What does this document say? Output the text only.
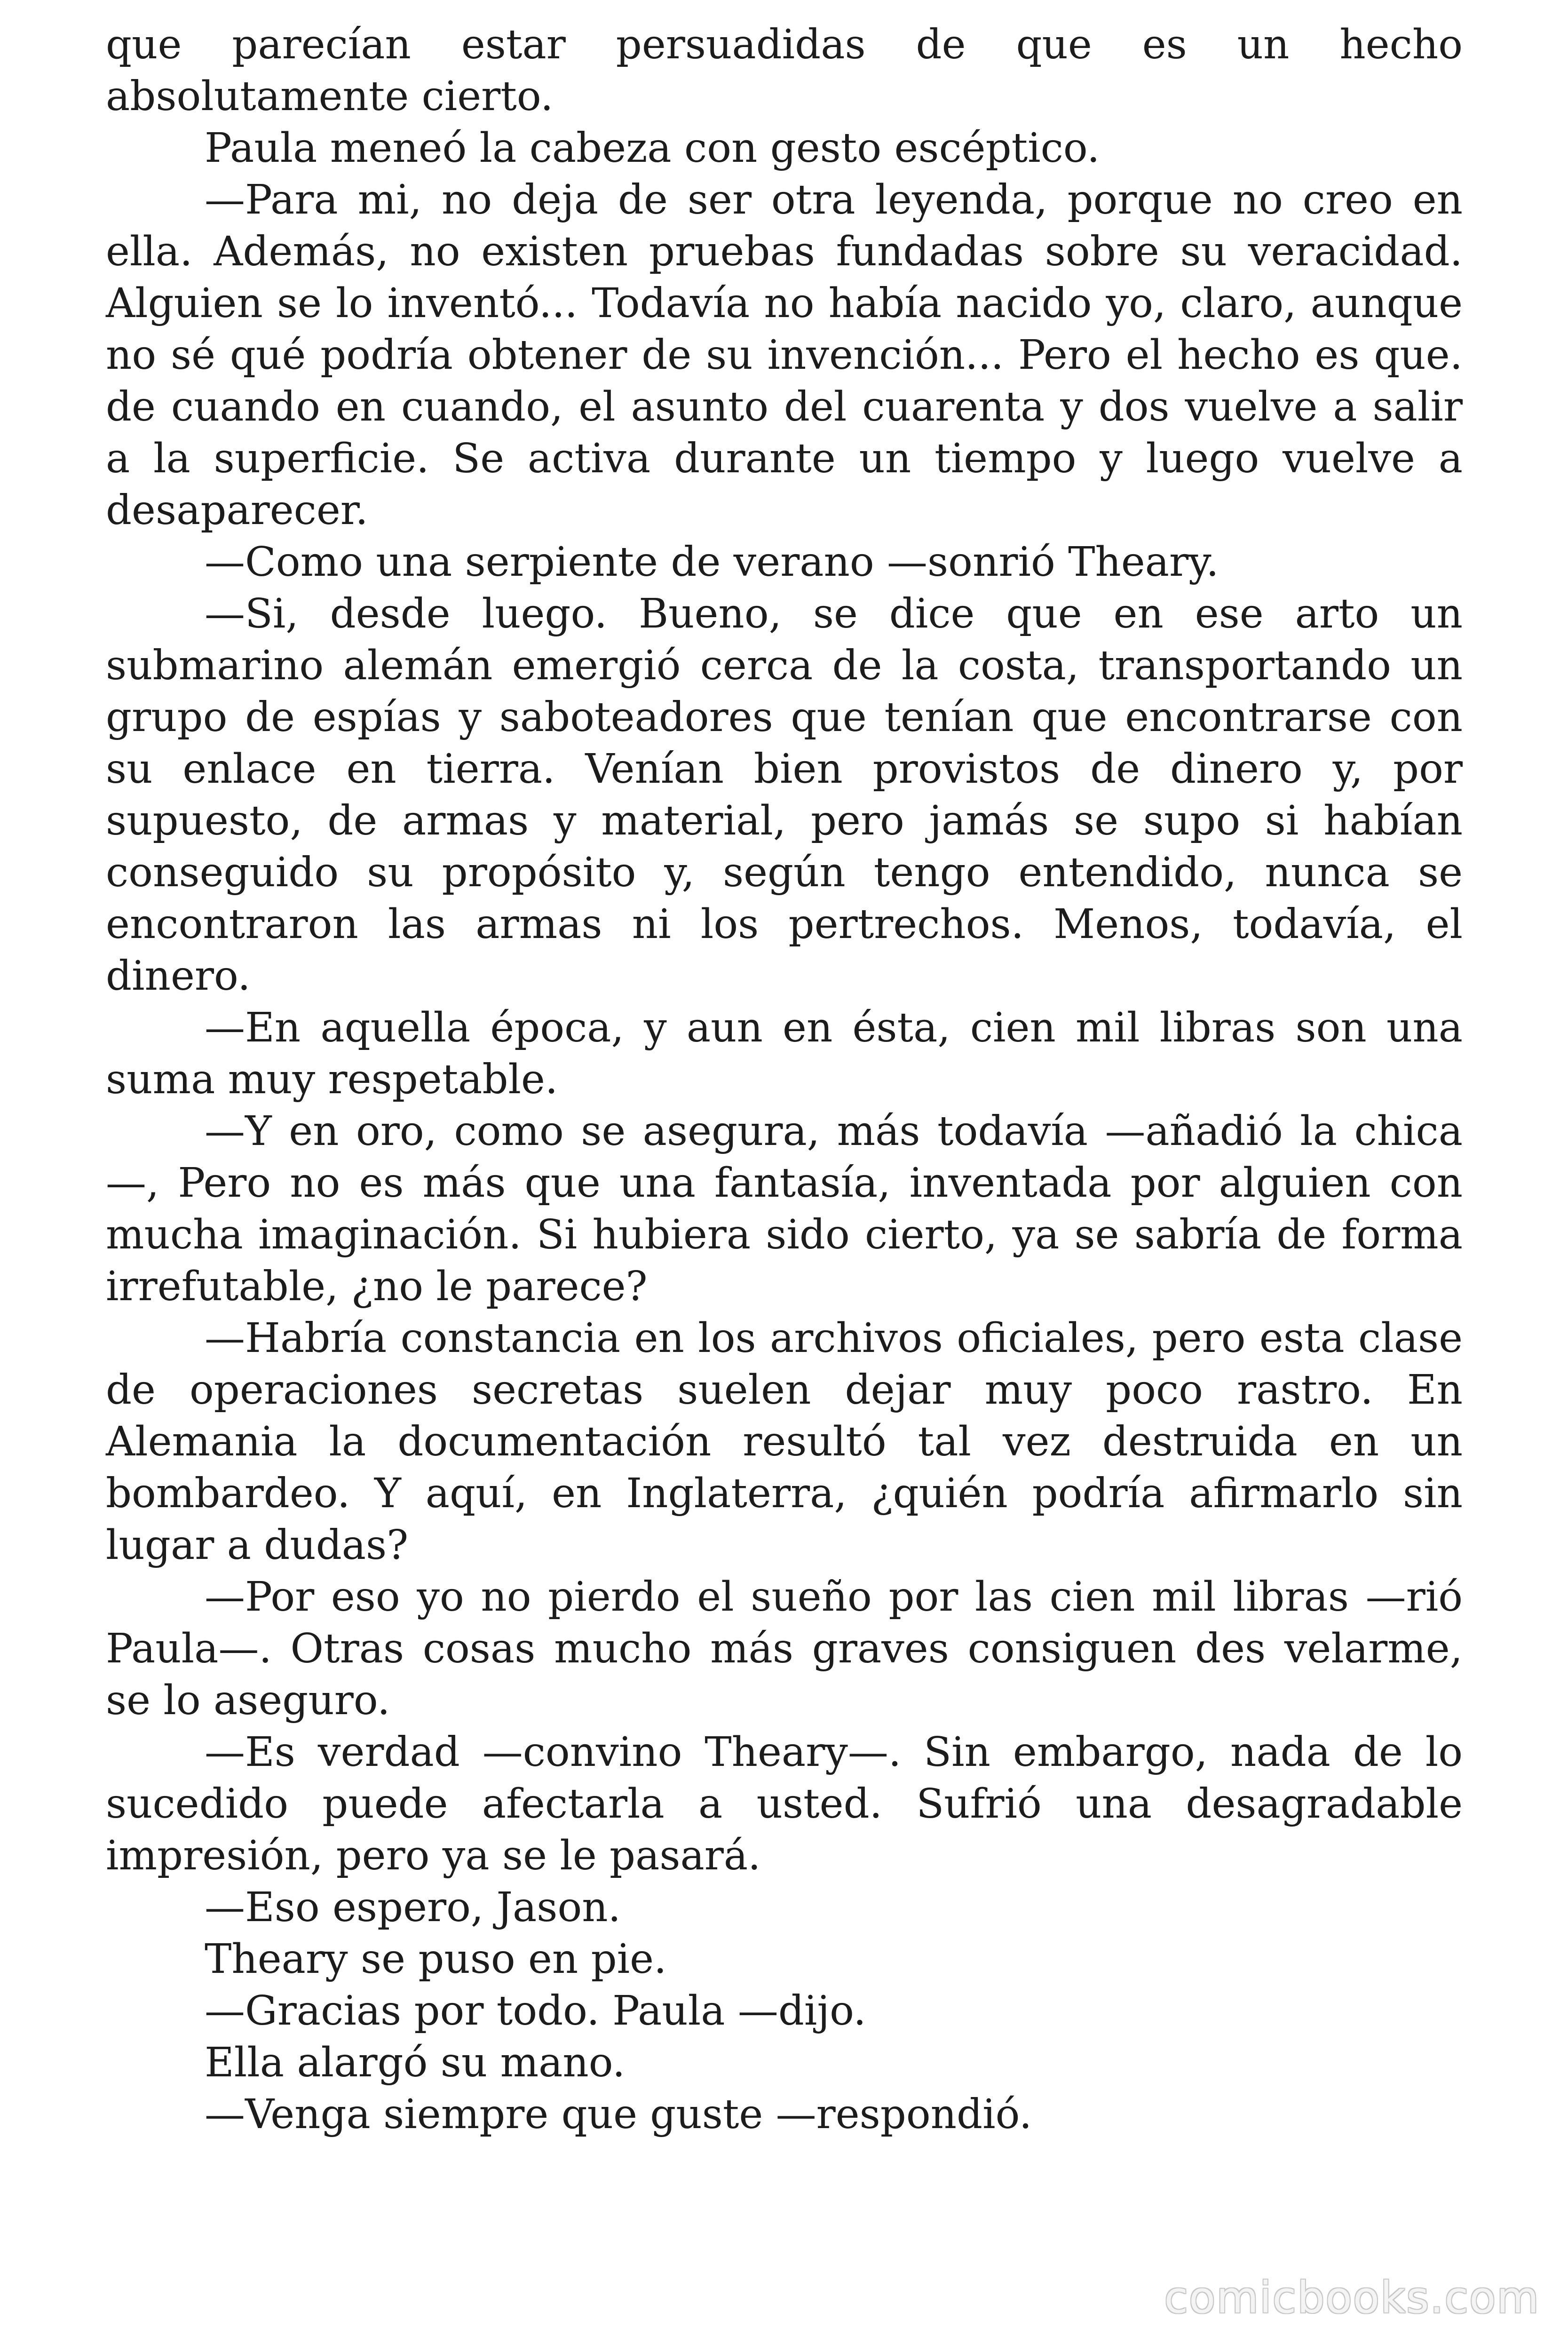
que parecían estar persuadidas de que es un hecho absolutamente cierto.

Paula meneó la cabeza con gesto escéptico.

—Para mi, no deja de ser otra leyenda, porque no creo en ella. Además, no existen pruebas fundadas sobre su veracidad. Alguien se lo inventó... Todavía no había nacido yo, claro, aunque no sé qué podría obtener de su invención... Pero el hecho es que. de cuando en cuando, el asunto del cuarenta y dos vuelve a salir a la superficie. Se activa durante un tiempo y luego vuelve a desaparecer.

—Como una serpiente de verano —sonrió Theary.

—Si, desde luego. Bueno, se dice que en ese arto un submarino alemán emergió cerca de la costa, transportando un grupo de espías y saboteadores que tenían que encontrarse con su enlace en tierra. Venían bien provistos de dinero y, por supuesto, de armas y material, pero jamás se supo si habían conseguido su propósito y, según tengo entendido, nunca se encontraron las armas ni los pertrechos. Menos, todavía, el dinero.

—En aquella época, y aun en ésta, cien mil libras son una suma muy respetable.

—Y en oro, como se asegura, más todavía —añadió la chica—, Pero no es más que una fantasía, inventada por alguien con mucha imaginación. Si hubiera sido cierto, ya se sabría de forma irrefutable, ¿no le parece?

—Habría constancia en los archivos oficiales, pero esta clase de operaciones secretas suelen dejar muy poco rastro. En Alemania la documentación resultó tal vez destruida en un bombardeo. Y aquí, en Inglaterra, ¿quién podría afirmarlo sin lugar a dudas?

—Por eso yo no pierdo el sueño por las cien mil libras —rió Paula—. Otras cosas mucho más graves consiguen des velarme, se lo aseguro.

—Es verdad —convino Theary—. Sin embargo, nada de lo sucedido puede afectarla a usted. Sufrió una desagradable impresión, pero ya se le pasará.

—Eso espero, Jason.

Theary se puso en pie.

—Gracias por todo. Paula —dijo.

Ella alargó su mano.

—Venga siempre que guste —respondió.

comicbooks.com
